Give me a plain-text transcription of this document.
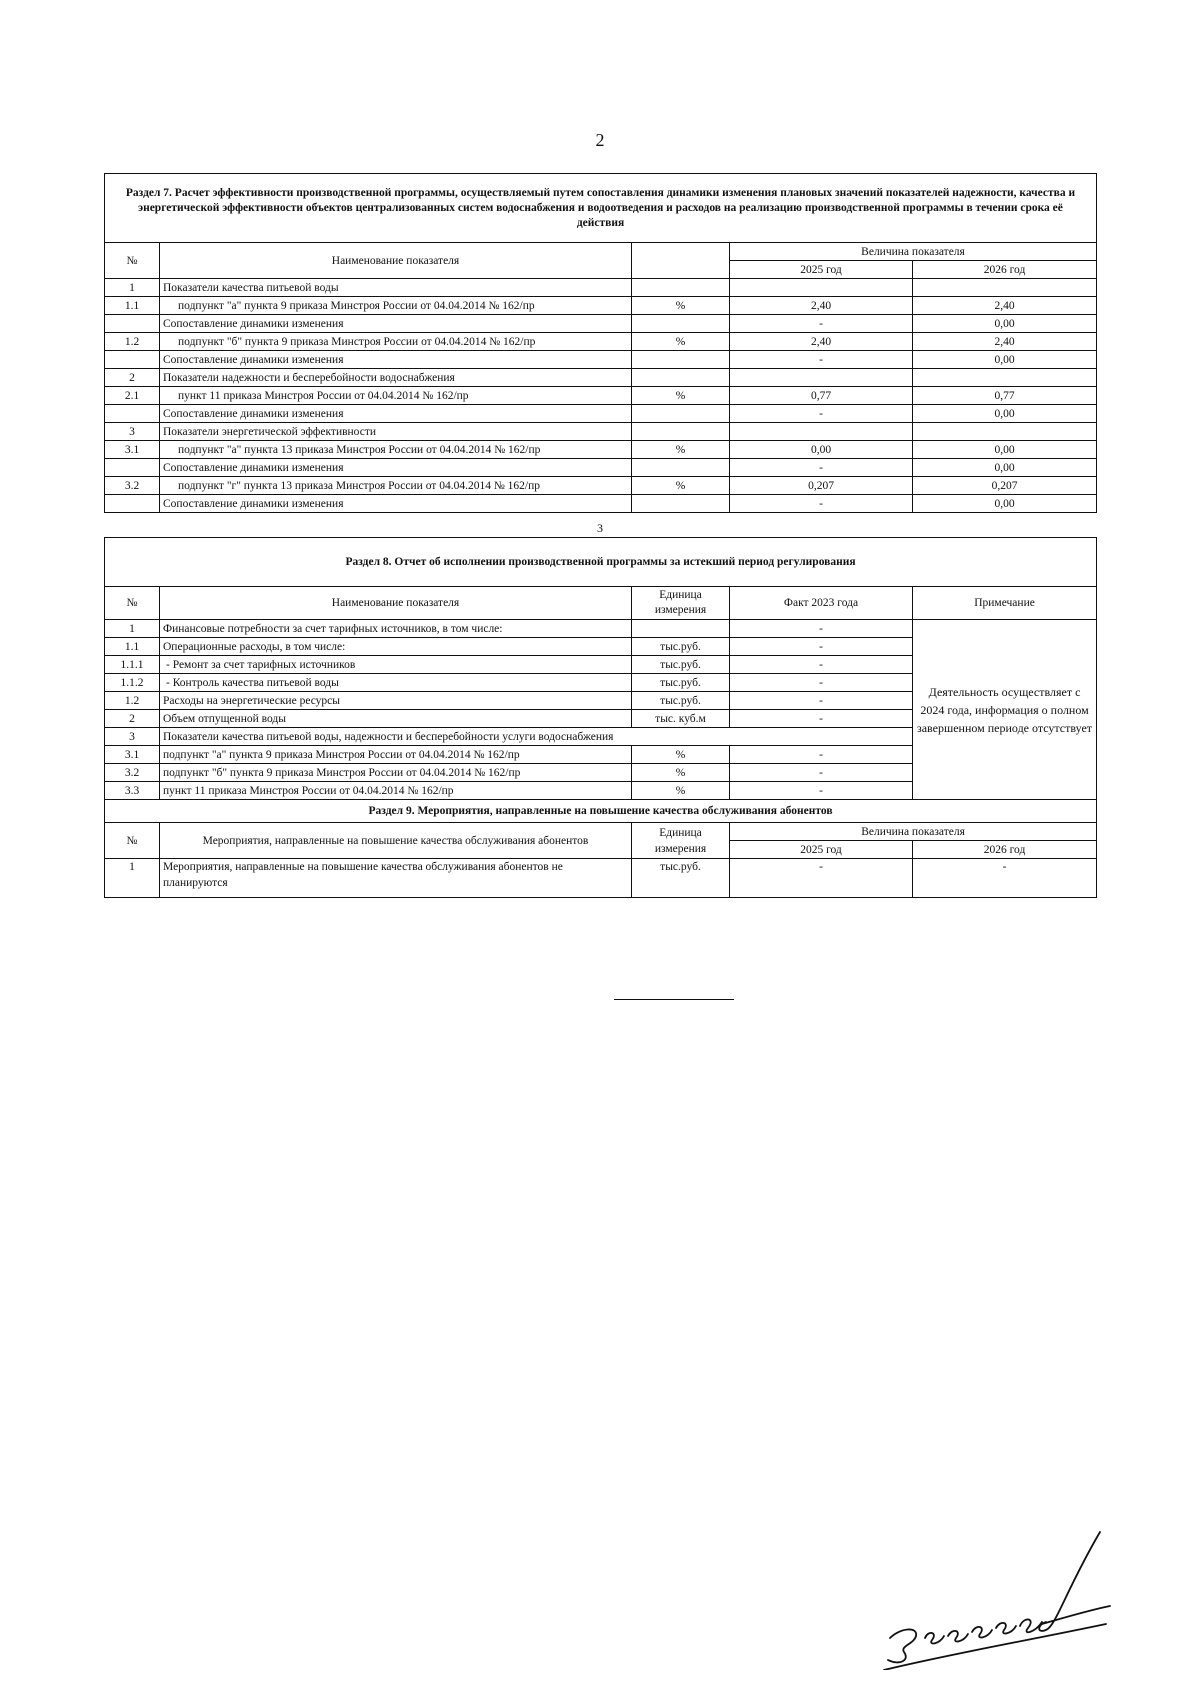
2
Раздел 7. Расчет эффективности производственной программы, осуществляемый путем сопоставления динамики изменения плановых значений показателей надежности, качества и энергетической эффективности объектов централизованных систем водоснабжения и водоотведения и расходов на реализацию производственной программы в течении срока её действия				
№	Наименование показателя		Величина показателя	
			2025 год	2026 год
1	Показатели качества питьевой воды			
1.1	подпункт "а" пункта 9 приказа Минстроя России от 04.04.2014 № 162/пр	%	2,40	2,40
	Сопоставление динамики изменения		-	0,00
1.2	подпункт "б" пункта 9 приказа Минстроя России от 04.04.2014 № 162/пр	%	2,40	2,40
	Сопоставление динамики изменения		-	0,00
2	Показатели надежности и бесперебойности водоснабжения			
2.1	пункт 11 приказа Минстроя России от 04.04.2014 № 162/пр	%	0,77	0,77
	Сопоставление динамики изменения		-	0,00
3	Показатели энергетической эффективности			
3.1	подпункт "а" пункта 13 приказа Минстроя России от 04.04.2014 № 162/пр	%	0,00	0,00
	Сопоставление динамики изменения		-	0,00
3.2	подпункт "г" пункта 13 приказа Минстроя России от 04.04.2014 № 162/пр	%	0,207	0,207
	Сопоставление динамики изменения		-	0,00
3
Раздел 8. Отчет об исполнении производственной программы за истекший период регулирования				
№	Наименование показателя	Единица измерения	Факт 2023 года	Примечание
1	Финансовые потребности за счет тарифных источников, в том числе:		-	Деятельность осуществляет с 2024 года, информация о полном завершенном периоде отсутствует
1.1	Операционные расходы, в том числе:	тыс.руб.	-	
1.1.1	- Ремонт за счет тарифных источников	тыс.руб.	-	
1.1.2	- Контроль качества питьевой воды	тыс.руб.	-	
1.2	Расходы на энергетические ресурсы	тыс.руб.	-	
2	Объем отпущенной воды	тыс. куб.м	-	
3	Показатели качества питьевой воды, надежности и бесперебойности услуги водоснабжения			
3.1	подпункт "а" пункта 9 приказа Минстроя России от 04.04.2014 № 162/пр	%	-	
3.2	подпункт "б" пункта 9 приказа Минстроя России от 04.04.2014 № 162/пр	%	-	
3.3	пункт 11 приказа Минстроя России от 04.04.2014 № 162/пр	%	-	
Раздел 9. Мероприятия, направленные на повышение качества обслуживания абонентов				
№	Мероприятия, направленные на повышение качества обслуживания абонентов	Единица измерения	Величина показателя	
			2025 год	2026 год
1	Мероприятия, направленные на повышение качества обслуживания абонентов не планируются	тыс.руб.	-	-
